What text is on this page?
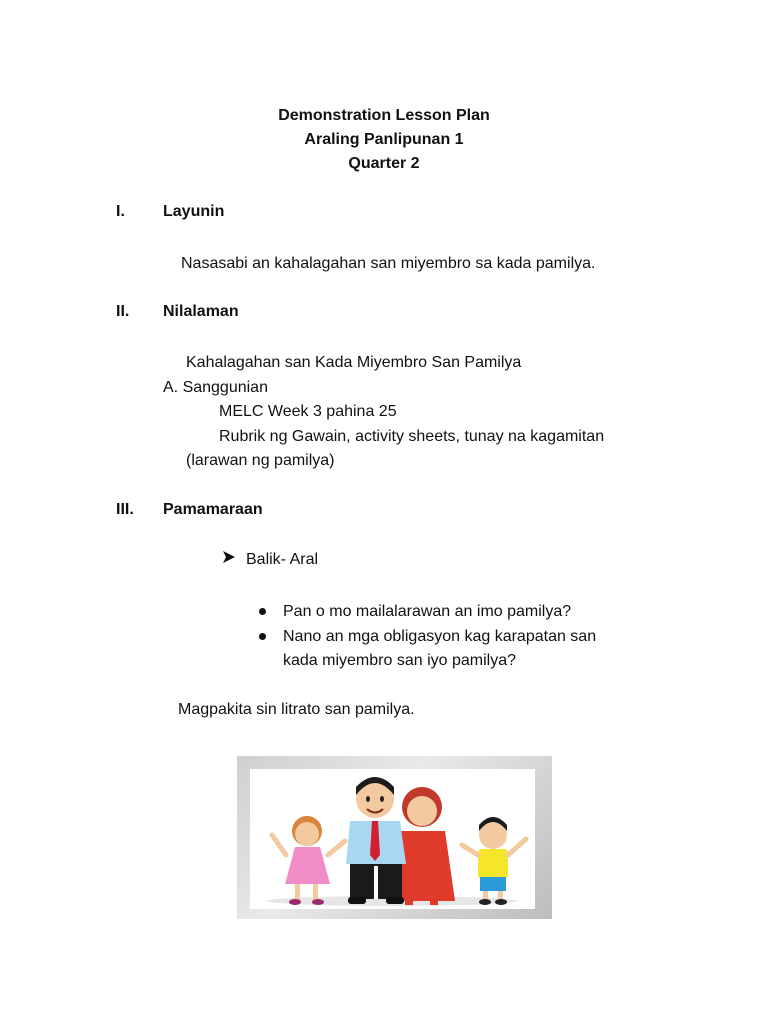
Demonstration Lesson Plan
Araling Panlipunan 1
Quarter 2
I. Layunin
Nasasabi an kahalagahan san miyembro sa kada pamilya.
II. Nilalaman
Kahalagahan san Kada Miyembro San Pamilya
A. Sanggunian
MELC Week 3 pahina 25
Rubrik ng Gawain, activity sheets, tunay na kagamitan
(larawan ng pamilya)
III. Pamamaraan
Balik- Aral
Pan o mo mailalarawan an imo pamilya?
Nano an mga obligasyon kag karapatan san
kada miyembro san iyo pamilya?
Magpakita sin litrato san pamilya.
